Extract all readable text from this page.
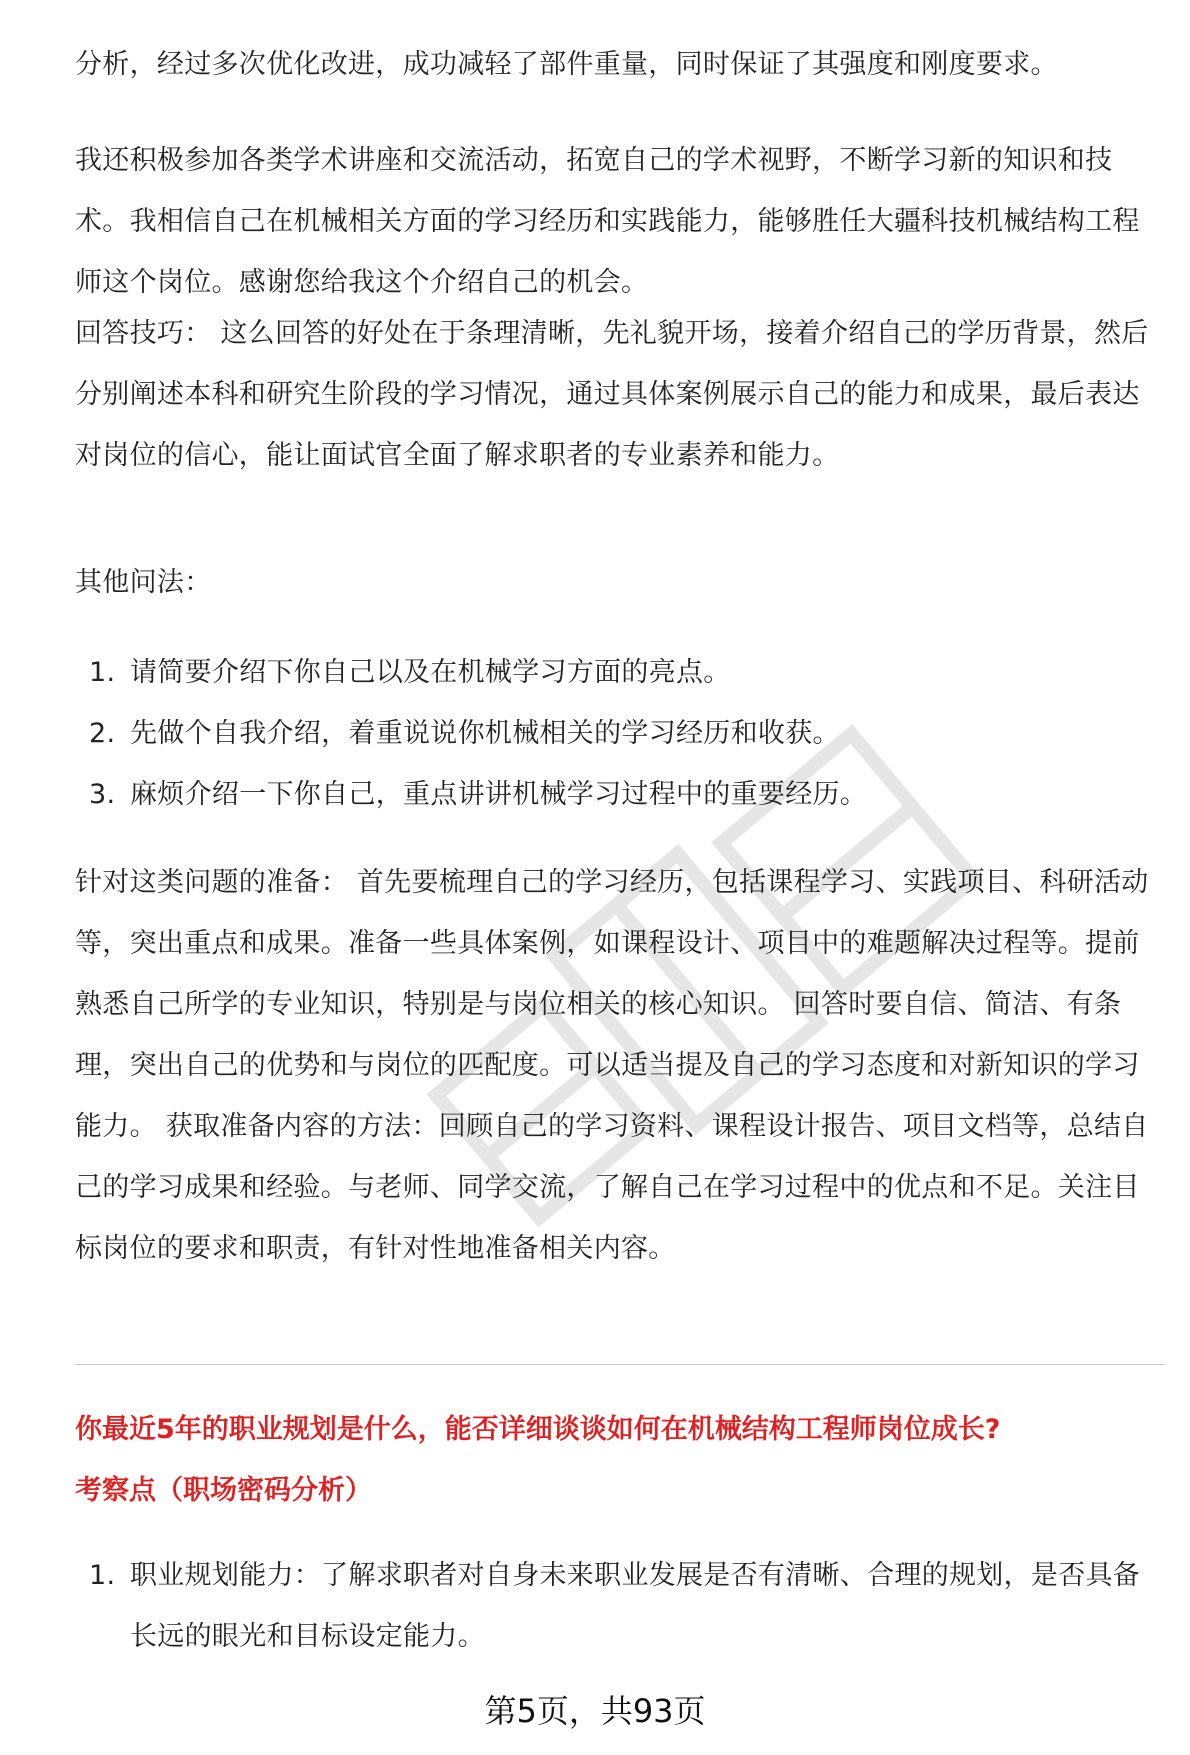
分析，经过多次优化改进，成功减轻了部件重量，同时保证了其强度和刚度要求。

我还积极参加各类学术讲座和交流活动，拓宽自己的学术视野，不断学习新的知识和技术。我相信自己在机械相关方面的学习经历和实践能力，能够胜任大疆科技机械结构工程师这个岗位。感谢您给我这个介绍自己的机会。

回答技巧： 这么回答的好处在于条理清晰，先礼貌开场，接着介绍自己的学历背景，然后分别阐述本科和研究生阶段的学习情况，通过具体案例展示自己的能力和成果，最后表达对岗位的信心，能让面试官全面了解求职者的专业素养和能力。

其他问法：

1. 请简要介绍下你自己以及在机械学习方面的亮点。
2. 先做个自我介绍，着重说说你机械相关的学习经历和收获。
3. 麻烦介绍一下你自己，重点讲讲机械学习过程中的重要经历。

针对这类问题的准备： 首先要梳理自己的学习经历，包括课程学习、实践项目、科研活动等，突出重点和成果。准备一些具体案例，如课程设计、项目中的难题解决过程等。提前熟悉自己所学的专业知识，特别是与岗位相关的核心知识。 回答时要自信、简洁、有条理，突出自己的优势和与岗位的匹配度。可以适当提及自己的学习态度和对新知识的学习能力。 获取准备内容的方法：回顾自己的学习资料、课程设计报告、项目文档等，总结自己的学习成果和经验。与老师、同学交流，了解自己在学习过程中的优点和不足。关注目标岗位的要求和职责，有针对性地准备相关内容。

你最近5年的职业规划是什么，能否详细谈谈如何在机械结构工程师岗位成长?

考察点（职场密码分析）

1. 职业规划能力：了解求职者对自身未来职业发展是否有清晰、合理的规划，是否具备长远的眼光和目标设定能力。
第5页，共93页
